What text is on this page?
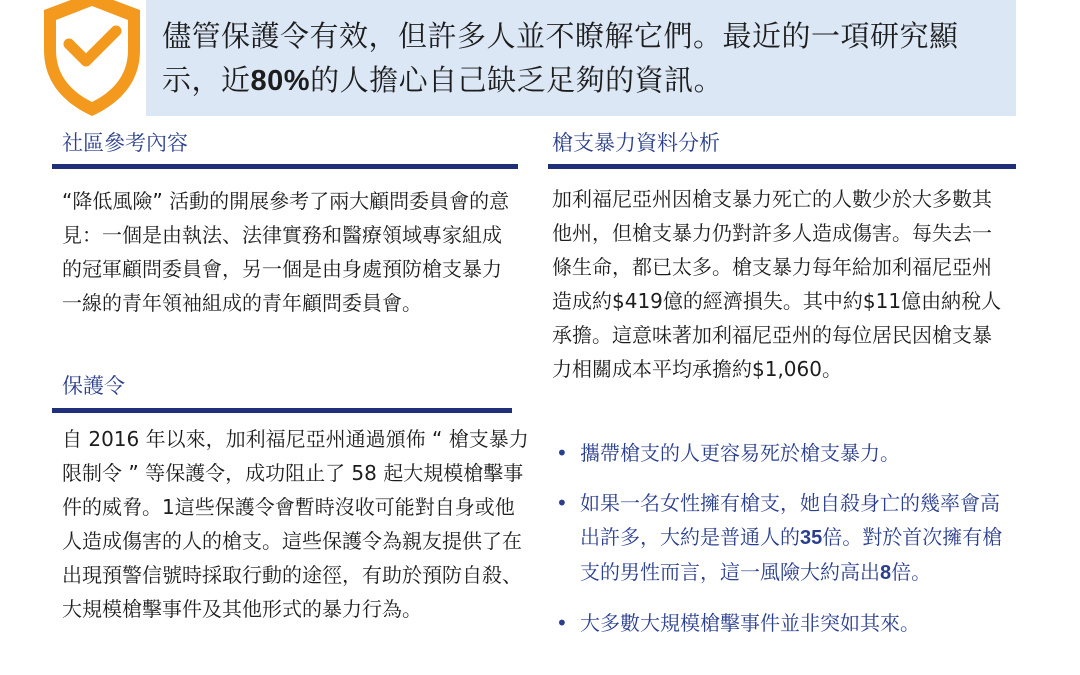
儘管保護令有效，但許多人並不瞭解它們。最近的一項研究顯示，近80%的人擔心自己缺乏足夠的資訊。
社區參考內容
“降低風險” 活動的開展參考了兩大顧問委員會的意見：一個是由執法、法律實務和醫療領域專家組成的冠軍顧問委員會，另一個是由身處預防槍支暴力一線的青年領袖組成的青年顧問委員會。
保護令
自 2016 年以來，加利福尼亞州通過頒佈 “ 槍支暴力限制令 ” 等保護令，成功阻止了 58 起大規模槍擊事件的威脅。1這些保護令會暫時沒收可能對自身或他人造成傷害的人的槍支。這些保護令為親友提供了在出現預警信號時採取行動的途徑，有助於預防自殺、大規模槍擊事件及其他形式的暴力行為。
槍支暴力資料分析
加利福尼亞州因槍支暴力死亡的人數少於大多數其他州，但槍支暴力仍對許多人造成傷害。每失去一條生命，都已太多。槍支暴力每年給加利福尼亞州造成約$419億的經濟損失。其中約$11億由納稅人承擔。這意味著加利福尼亞州的每位居民因槍支暴力相關成本平均承擔約$1,060。
• 攜帶槍支的人更容易死於槍支暴力。
• 如果一名女性擁有槍支，她自殺身亡的幾率會高出許多，大約是普通人的35倍。對於首次擁有槍支的男性而言，這一風險大約高出8倍。
• 大多數大規模槍擊事件並非突如其來。
